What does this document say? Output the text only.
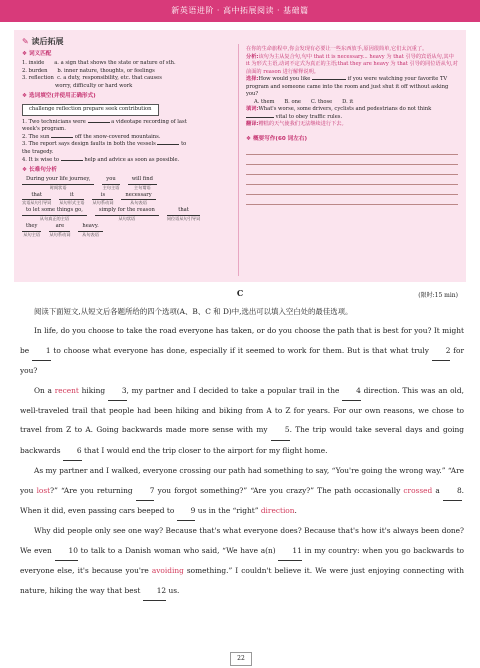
新英语进阶 · 高中拓展阅读 · 基础篇
✎ 读后拓展
❖ 词义匹配
1. inside      a. a sign that shows the state or nature of sth.
2. burden      b. inner nature, thoughts, or feelings
3. reflection  c. a duty, responsibility, etc. that causes
worry, difficulty or hard work
❖ 选词填空(并使用正确形式)
challenge reflection prepare seek contribution
1. Two technicians were	a videotape recording of last
week's program.
2. The sun	off the snow-covered mountains.
3. The report says design faults in both the vessels	to
the tragedy.
4. It is wise to	help and advice as soon as possible.
❖ 长难句分析
During your life journey,
时间状语
you
主句主语
will find
主句谓语
that
宾语从句引导词
it
从句形式主语
is
从句系动词
necessary
从句表语
to let some things go,
从句真正的主语
simply for the reason
从句状语
that
同位语从句引导词
they
从句主语
are
从句系动词
heavy.
从句表语
在你的生命旅程中,你会发现有必要让一些东西放手,原因很简单,它们太沉重了。
分析:该句为主从复合句,句中 that it is necessary... heavy 为 that 引导的宾语从句,其中 it 为形式主语,动词不定式为真正的主语;that they are heavy 为 that 引导的同位语从句,对前面的 reason 进行解释说明。
选择:How would you like	if you were watching your favorite TV program and someone came into the room and just shut it off without asking you?
A. them      B. one      C. those      D. it
填词:What's worse, some drivers, cyclists and pedestrians do not think  vital to obey traffic rules.
翻译:糟糕的天气使我们无法继续进行下去。
❖ 概要写作(60 词左右)
C	(限时:15 min)

阅读下面短文,从短文后各题所给的四个选项(A、B、C 和 D)中,选出可以填入空白处的最佳选项。

In life, do you choose to take the road everyone has taken, or do you choose the path that is best for you? It might be 1 to choose what everyone has done, especially if it seemed to work for them. But is that what truly 2 for you?

On a recent hiking 3, my partner and I decided to take a popular trail in the 4 direction. This was an old, well-traveled trail that people had been hiking and biking from A to Z for years. For our own reasons, we chose to travel from Z to A. Going backwards made more sense with my 5. The trip would take several days and going backwards 6 that I would end the trip closer to the airport for my flight home.

As my partner and I walked, everyone crossing our path had something to say, “You're going the wrong way.” “Are you lost?” “Are you returning 7 you forgot something?” “Are you crazy?” The path occasionally crossed a 8. When it did, even passing cars beeped to 9 us in the “right” direction.

Why did people only see one way? Because that's what everyone does? Because that's how it's always been done? We even 10 to talk to a Danish woman who said, “We have a(n) 11 in my country: when you go backwards to everyone else, it's because you're avoiding something.” I couldn't believe it. We were just enjoying connecting with nature, hiking the way that best 12 us.

22
